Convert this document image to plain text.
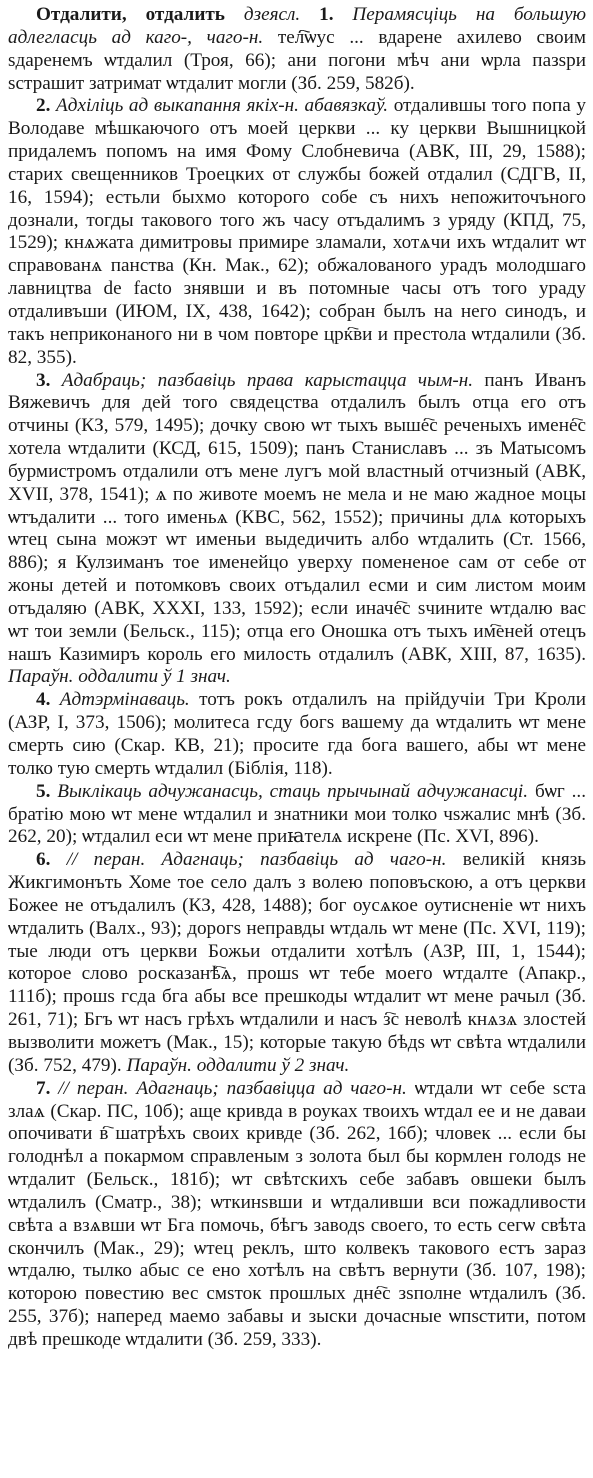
Отдалити, отдалить дзеясл. 1. Перамясціць на большую адлегласць ад каго-, чаго-н. тел҇҇ѡус ... вдарене ахилево своим ѕдаренемъ ѡтдалил (Троя, 66); ани погони мѣч ани ѡрла пазѕри ѕстрашит затримат ѡтдалит могли (Зб. 259, 582б).

2. Адхіліць ад выкanання якіх-н. абавязкаў. отдалившы того попа у Володаве мѣшкаючого отъ моей церкви ... ку церкви Вышницкой придалемъ попомъ на имя Фому Слобневича (АВК, III, 29, 1588); старих свещенников Троецких от службы божей отдалил (СДГВ, II, 16, 1594); естьли быхмо которого собе съ нихъ непожиточъного дознали, тогды такового того жъ часу отъдалимъ з уряду (КПД, 75, 1529); кнѧжата димитровы примире зламали, хотѧчи ихъ ѡтдалит ѡт справованѧ панства (Кн. Мак., 62); обжалованого урадъ молодшаго лавництва de facto знявши и въ потомные часы отъ того ураду отдаливъши (ИЮМ, IX, 438, 1642); собран былъ на него синодъ, и такъ неприконаного ни в чом повторе црк҇ви и престола ѡтдалили (Зб. 82, 355).

3. Адабраць; пазбавіць права карыстацца чым-н. панъ Иванъ Вяжевичъ для дей того свядецства отдалилъ былъ отца его отъ отчины (КЗ, 579, 1495); дочку свою ѡт тыхъ выше҇с реченыхъ имене҇с хотела ѡтдалити (КСД, 615, 1509); панъ Станиславъ ... зъ Матысомъ бурмистромъ отдалили отъ мене лугъ мой властный отчизный (АВК, XVII, 378, 1541); ѧ по животе моемъ не мела и не маю жадное моцы ѡтъдалити ... того именьѧ (КВС, 562, 1552); причины длѧ которыхъ ѡтец сына можэт ѡт именьи выдедичить албо ѡтдалить (Ст. 1566, 886); я Кулзиманъ тое именейцо уверху помененое сам от себе от жоны детей и потомковъ своих отъдалил есми и сим листом моим отъдаляю (АВК, XXXI, 133, 1592); если иначе҇с ѕчините ѡтдалю вас ѡт тои земли (Бельск., 115); отца его Оношка отъ тыхъ им҇еней отецъ нашъ Казимиръ король его милость отдалилъ (АВК, XIII, 87, 1635). Параўн. оддалити ў 1 знач.

4. Адтэрмінаваць. тотъ рокъ отдалилъ на прійдучіи Три Кроли (АЗР, I, 373, 1506); молитеса гсду богѕ вашему да ѡтдалить ѡт мене смерть сию (Скар. КВ, 21); просите гда бога вашего, абы ѡт мене толко тую смерть ѡтдалил (Біблія, 118).

5. Выклікаць адчужанасць, стаць прычынай адчужанасці. бѡг ... братію мою ѡт мене ѡтдалил и знатники мои толко чѕжалис мнѣ (Зб. 262, 20); ѡтдалил еси ѡт мене приꙗтелѧ искрене (Пс. XVI, 896).

6. // перан. Адагнаць; пазбавіць ад чаго-н. великій князь Жикгимонъть Хоме тое село далъ з волею поповъскою, а отъ церкви Божее не отъдалилъ (КЗ, 428, 1488); бог оусѧкое оутисненіе ѡт нихъ ѡтдалить (Валх., 93); дорогѕ неправды ѡтдаль ѡт мене (Пс. XVI, 119); тые люди отъ церкви Божьи отдалити хотѣлъ (АЗР, III, 1, 1544); которое слово росказанѣ҇ѧ, прошѕ ѡт тебе моего ѡтдалте (Апакр., 111б); прошѕ гсда бга абы все прешкоды ѡтдалит ѡт мене рачыл (Зб. 261, 71); Бгъ ѡт насъ грѣхъ ѡтдалили и насъ з҇с неволѣ кнѧзѧ злостей вызволити можетъ (Мак., 15); которые такую бѣдѕ ѡт свѣта ѡтдалили (Зб. 752, 479). Параўн. оддалити ў 2 знач.

7. // перан. Адагнаць; пазбавіцца ад чаго-н. ѡтдали ѡт себе ѕста злаѧ (Скар. ПС, 10б); аще кривда в роуках твоихъ ѡтдал ее и не даваи опочивати в҇ шатрѣхъ своих кривде (Зб. 262, 16б); чловек ... если бы голоднѣл а покармом справленым з золота был бы кормлен голодѕ не ѡтдалит (Бельск., 181б); ѡт свѣтскихъ себе забавъ овшеки былъ ѡтдалилъ (Сматр., 38); ѡткинѕвши и ѡтдаливши вси пожадливости свѣта а взѧвши ѡт Бга помочь, бѣгъ заводѕ своего, то есть сегѡ свѣта скончилъ (Мак., 29); ѡтец реклъ, што колвекъ такового естъ зараз ѡтдалю, тылко абыс се ено хотѣлъ на свѣтъ вернути (Зб. 107, 198); которою повестию вес смѕток прошлых дне҇с зѕполне ѡтдалилъ (Зб. 255, 37б); наперед маемо забавы и зыски дочасные ѡпѕстити, потом двѣ прешкоде ѡтдалити (Зб. 259, 333).
